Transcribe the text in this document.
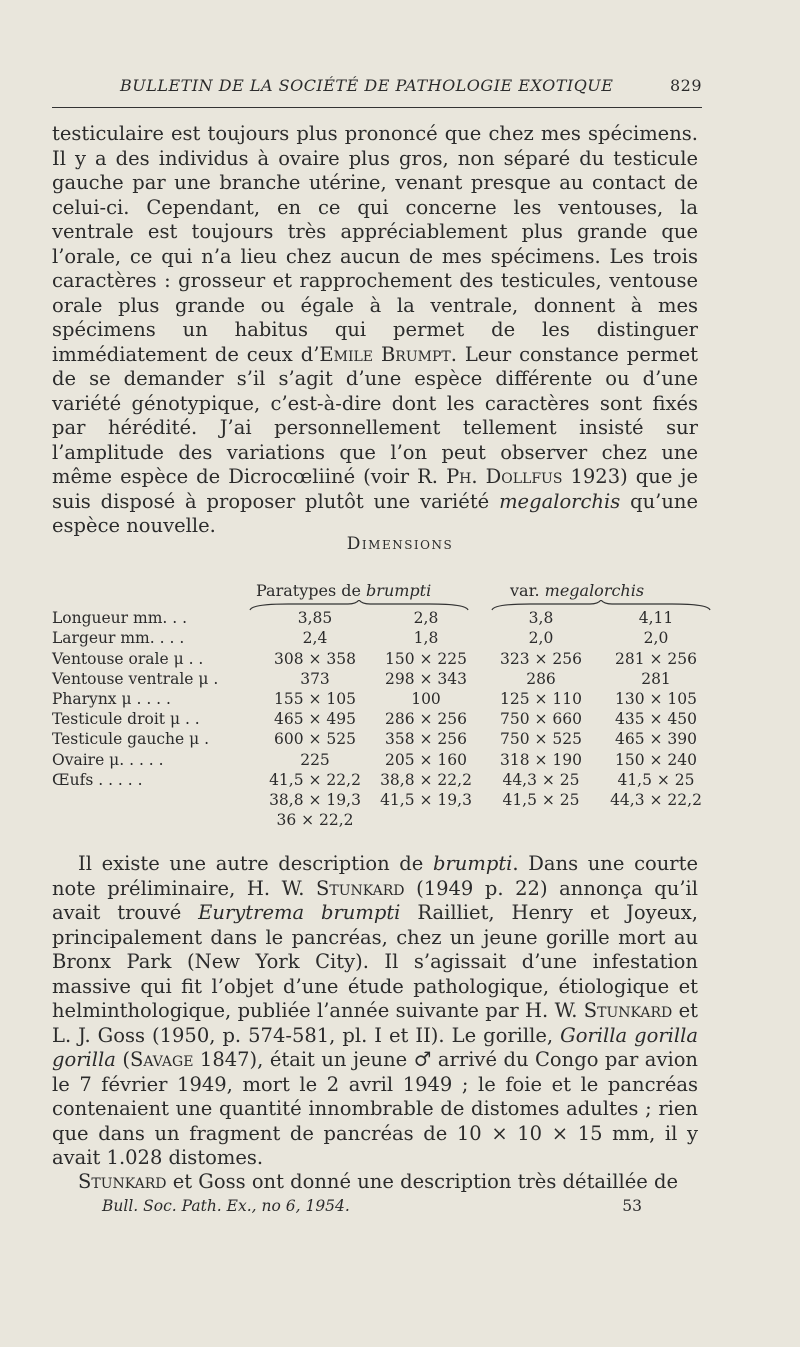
BULLETIN DE LA SOCIÉTÉ DE PATHOLOGIE EXOTIQUE	829

testiculaire est toujours plus prononcé que chez mes spécimens. Il y a des individus à ovaire plus gros, non séparé du testicule gauche par une branche utérine, venant presque au contact de celui-ci. Cependant, en ce qui concerne les ventouses, la ventrale est toujours très appréciablement plus grande que l’orale, ce qui n’a lieu chez aucun de mes spécimens. Les trois caractères : grosseur et rapprochement des testicules, ventouse orale plus grande ou égale à la ventrale, donnent à mes spécimens un habitus qui permet de les distinguer immédiatement de ceux d’Emile Brumpt. Leur constance permet de se demander s’il s’agit d’une espèce différente ou d’une variété génotypique, c’est-à-dire dont les caractères sont fixés par hérédité. J’ai personnellement tellement insisté sur l’amplitude des variations que l’on peut observer chez une même espèce de Dicrocœliiné (voir R. Ph. Dollfus 1923) que je suis disposé à proposer plutôt une variété megalorchis qu’une espèce nouvelle.

Dimensions
Paratypes de brumpti	var. megalorchis
Longueur mm. . .	3,85	2,8	3,8	4,11
Largeur mm. . . .	2,4	1,8	2,0	2,0
Ventouse orale μ . .	308 × 358	150 × 225	323 × 256	281 × 256
Ventouse ventrale μ .	373	298 × 343	286	281
Pharynx μ . . . .	155 × 105	100	125 × 110	130 × 105
Testicule droit μ . .	465 × 495	286 × 256	750 × 660	435 × 450
Testicule gauche μ .	600 × 525	358 × 256	750 × 525	465 × 390
Ovaire μ. . . . .	225	205 × 160	318 × 190	150 × 240
Œufs . . . . .	41,5 × 22,2	38,8 × 22,2	44,3 × 25	41,5 × 25
	38,8 × 19,3	41,5 × 19,3	41,5 × 25	44,3 × 22,2
	36 × 22,2			

Il existe une autre description de brumpti. Dans une courte note préliminaire, H. W. Stunkard (1949 p. 22) annonça qu’il avait trouvé Eurytrema brumpti Railliet, Henry et Joyeux, principalement dans le pancréas, chez un jeune gorille mort au Bronx Park (New York City). Il s’agissait d’une infestation massive qui fit l’objet d’une étude pathologique, étiologique et helminthologique, publiée l’année suivante par H. W. Stunkard et L. J. Goss (1950, p. 574-581, pl. I et II). Le gorille, Gorilla gorilla gorilla (Savage 1847), était un jeune ♂ arrivé du Congo par avion le 7 février 1949, mort le 2 avril 1949 ; le foie et le pancréas contenaient une quantité innombrable de distomes adultes ; rien que dans un fragment de pancréas de 10 × 10 × 15 mm, il y avait 1.028 distomes.

Stunkard et Goss ont donné une description très détaillée de

Bull. Soc. Path. Ex., no 6, 1954.	53
